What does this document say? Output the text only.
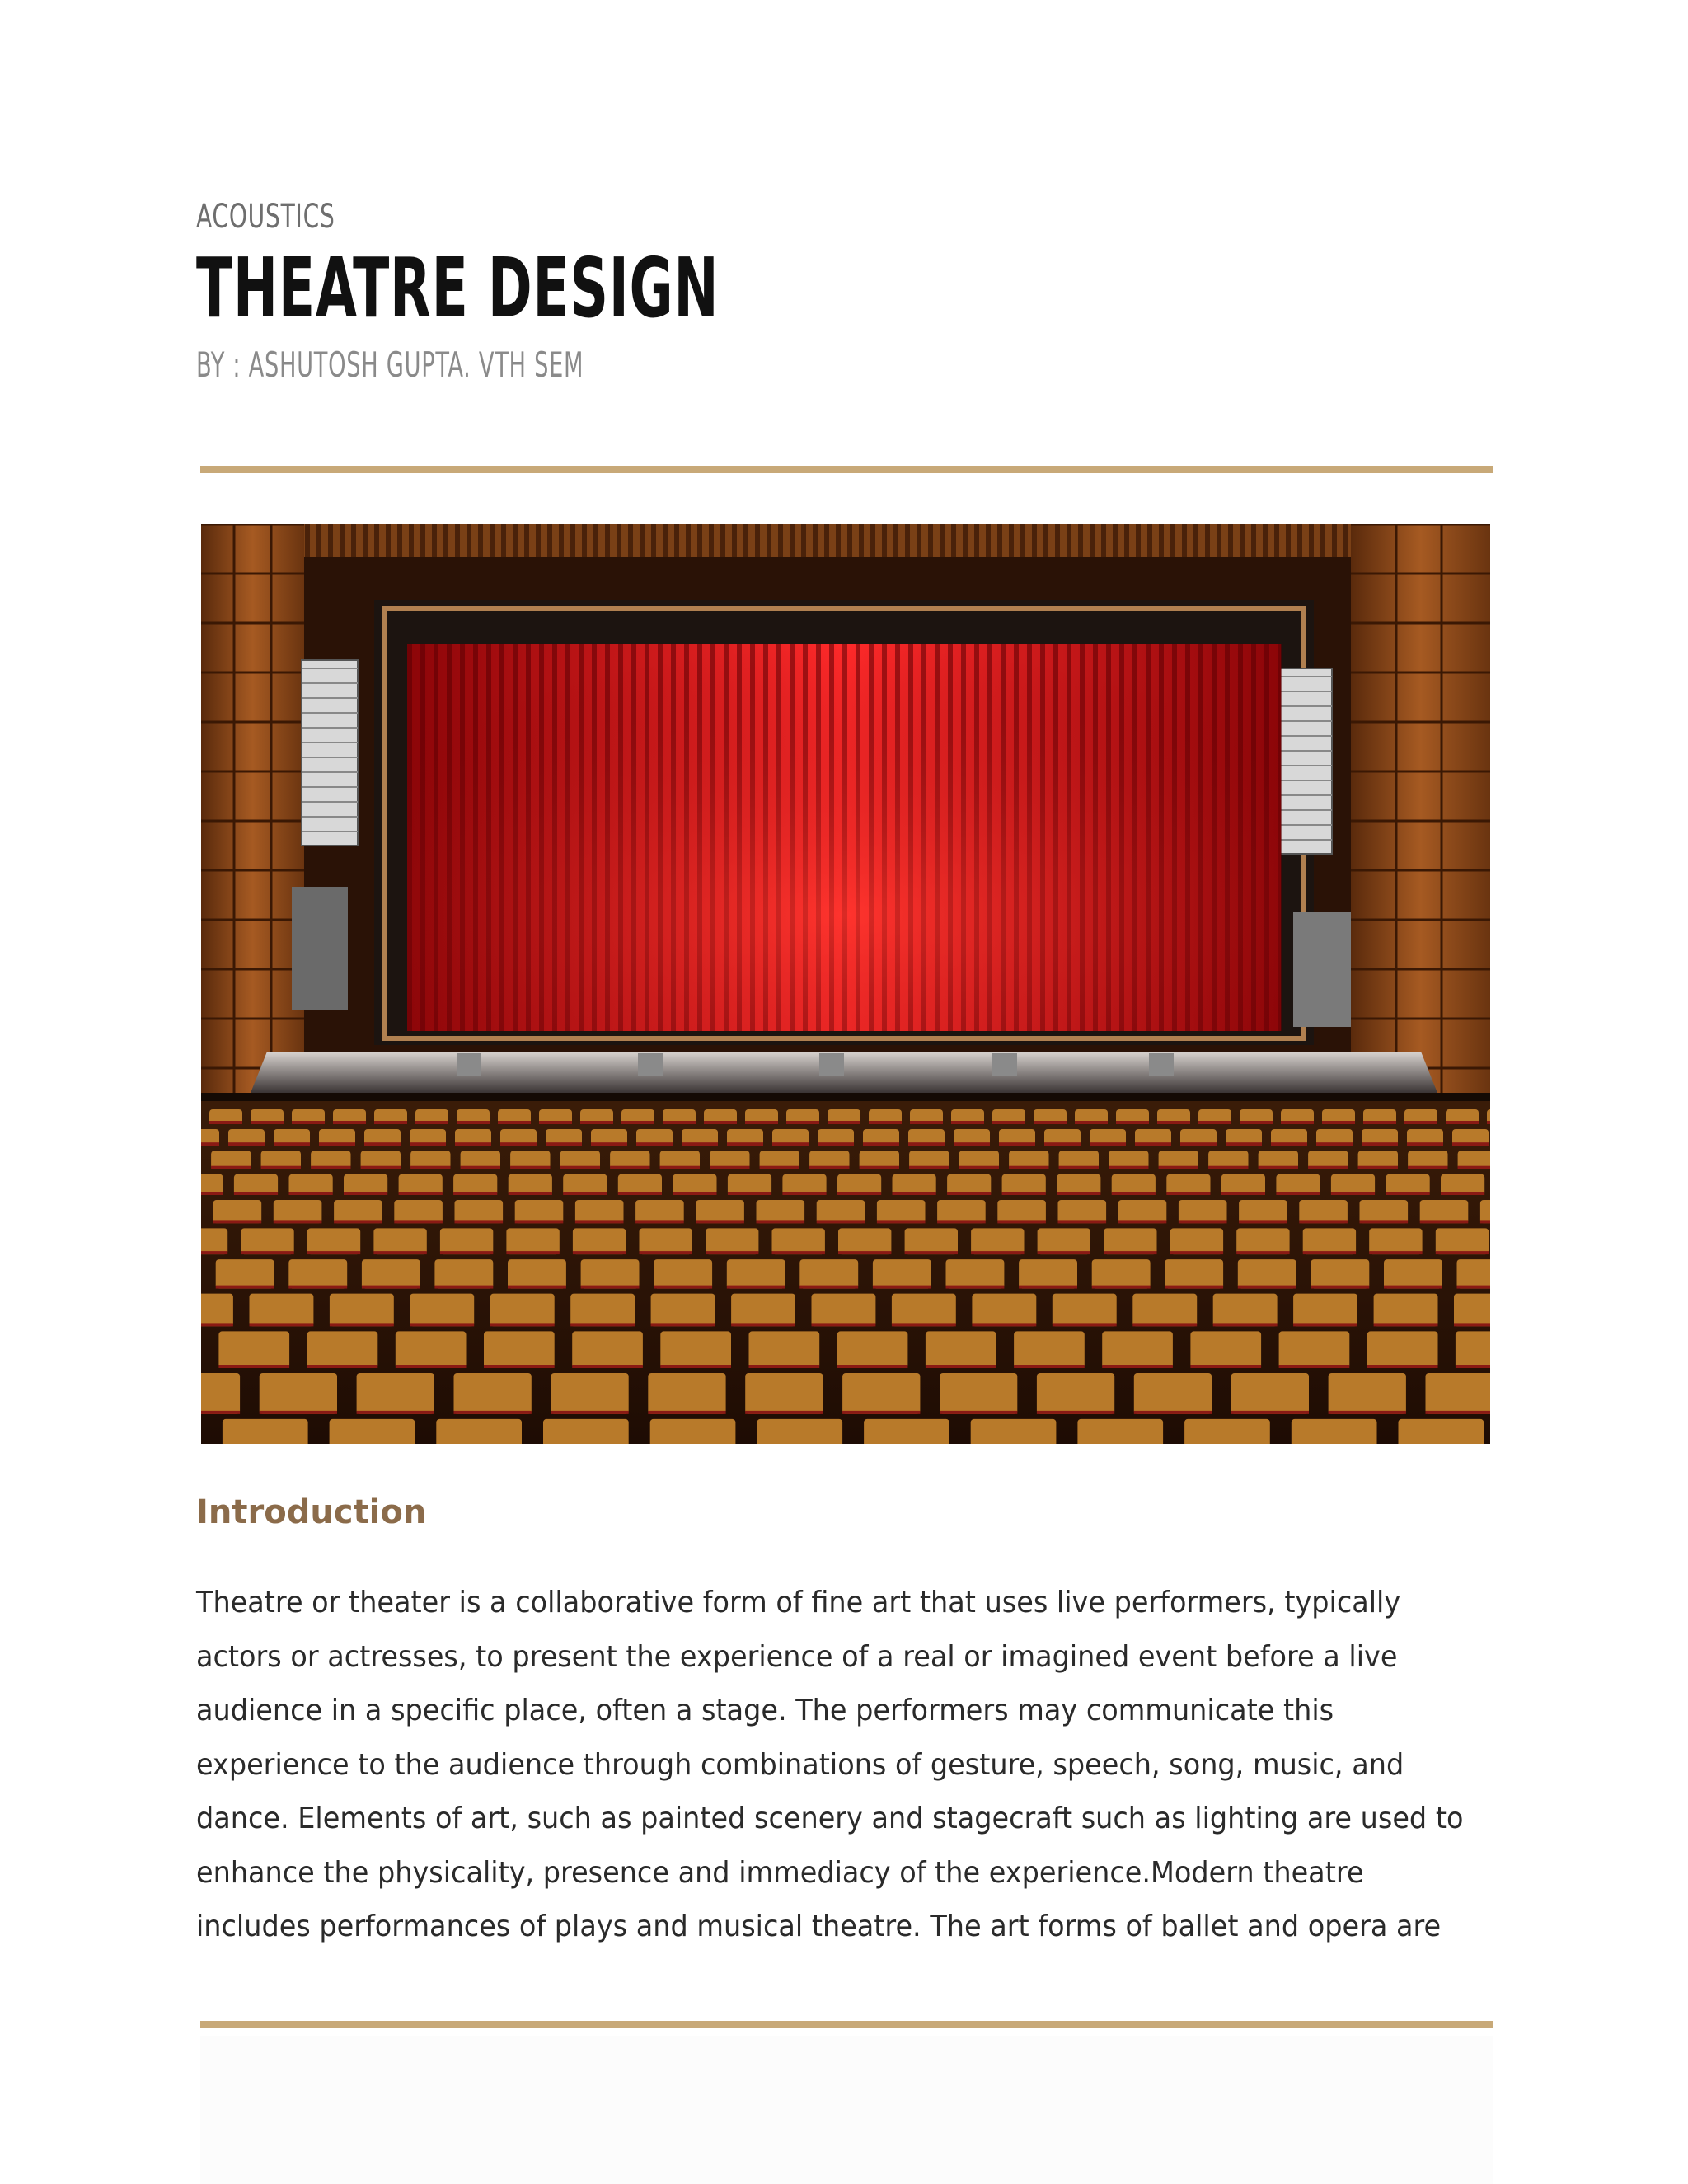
ACOUSTICS
THEATRE DESIGN
BY : ASHUTOSH GUPTA. VTH SEM
Introduction
Theatre or theater is a collaborative form of fine art that uses live performers, typically
actors or actresses, to present the experience of a real or imagined event before a live
audience in a specific place, often a stage. The performers may communicate this
experience to the audience through combinations of gesture, speech, song, music, and
dance. Elements of art, such as painted scenery and stagecraft such as lighting are used to
enhance the physicality, presence and immediacy of the experience.Modern theatre
includes performances of plays and musical theatre. The art forms of ballet and opera are
